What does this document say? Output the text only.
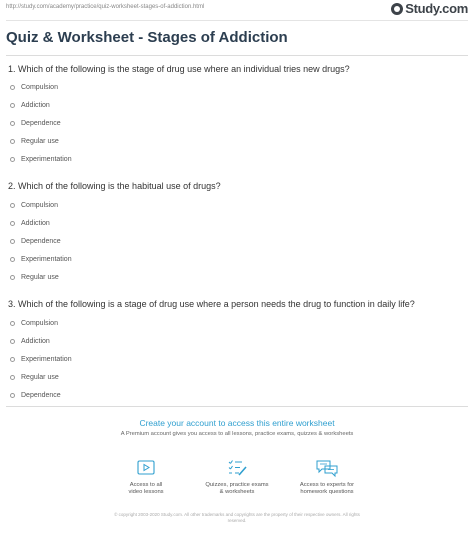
http://study.com/academy/practice/quiz-worksheet-stages-of-addiction.html	Study.com
Quiz & Worksheet - Stages of Addiction
1. Which of the following is the stage of drug use where an individual tries new drugs?
Compulsion
Addiction
Dependence
Regular use
Experimentation
2. Which of the following is the habitual use of drugs?
Compulsion
Addiction
Dependence
Experimentation
Regular use
3. Which of the following is a stage of drug use where a person needs the drug to function in daily life?
Compulsion
Addiction
Experimentation
Regular use
Dependence
Create your account to access this entire worksheet
A Premium account gives you access to all lessons, practice exams, quizzes & worksheets
Access to all
video lessons
Quizzes, practice exams
& worksheets
Access to experts for
homework questions
© copyright 2003-2020 Study.com. All other trademarks and copyrights are the property of their respective owners. All rights
reserved.
